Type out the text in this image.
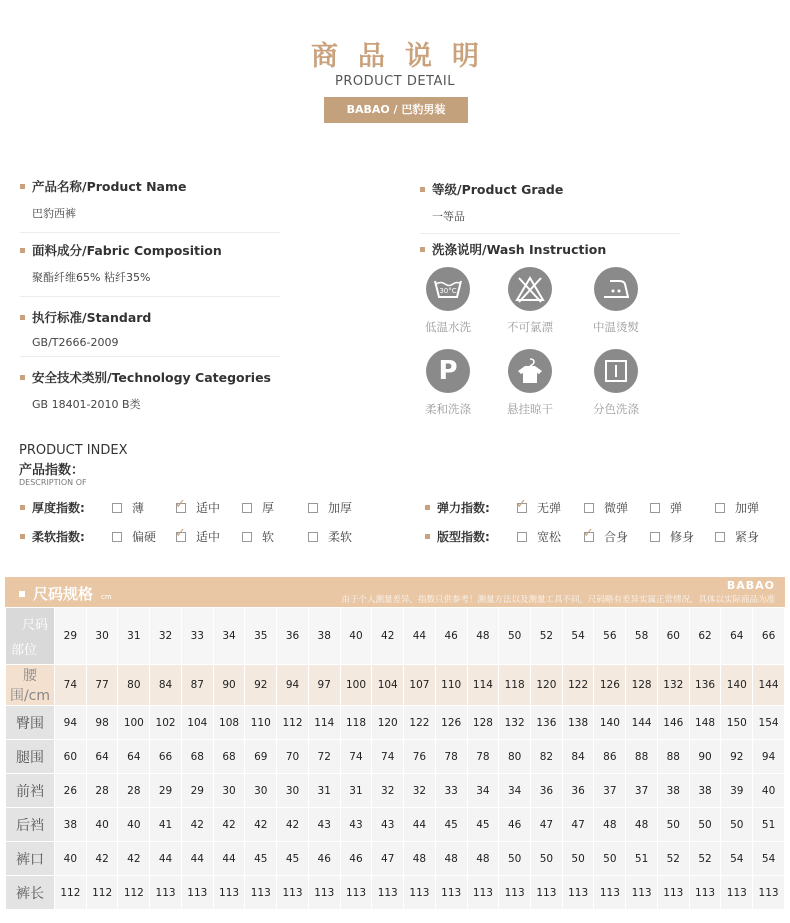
商品说明
PRODUCT DETAIL
BABAO / 巴豹男装
产品名称/Product Name
巴豹西裤
面料成分/Fabric Composition
聚酯纤维65% 粘纤35%
执行标准/Standard
GB/T2666-2009
安全技术类别/Technology Categories
GB 18401-2010 B类
等级/Product Grade
一等品
洗涤说明/Wash Instruction
30°C
低温水洗	不可氯漂	中温烫熨
P
柔和洗涤	悬挂晾干	分色洗涤
PRODUCT INDEX
产品指数：
DESCRIPTION OF
厚度指数:	薄 ✓	适中	厚	加厚
柔软指数:	偏硬 ✓	适中	软	柔软
弹力指数: ✓	无弹	微弹	弹	加弹
版型指数:	宽松 ✓	合身	修身	紧身
尺码规格 cm
BABAO
由于个人测量差异，指数只供参考！测量方法以及测量工具不同，尺码略有差异实属正常情况，具体以实际商品为准
尺码
部位	29	30	31	32	33	34	35	36	38	40	42	44	46	48	50	52	54	56	58	60	62	64	66
腰围/cm	74	77	80	84	87	90	92	94	97	100	104	107	110	114	118	120	122	126	128	132	136	140	144
臀围	94	98	100	102	104	108	110	112	114	118	120	122	126	128	132	136	138	140	144	146	148	150	154
腿围	60	64	64	66	68	68	69	70	72	74	74	76	78	78	80	82	84	86	88	88	90	92	94
前裆	26	28	28	29	29	30	30	30	31	31	32	32	33	34	34	36	36	37	37	38	38	39	40
后裆	38	40	40	41	42	42	42	42	43	43	43	44	45	45	46	47	47	48	48	50	50	50	51
裤口	40	42	42	44	44	44	45	45	46	46	47	48	48	48	50	50	50	50	51	52	52	54	54
裤长	112	112	112	113	113	113	113	113	113	113	113	113	113	113	113	113	113	113	113	113	113	113	113
